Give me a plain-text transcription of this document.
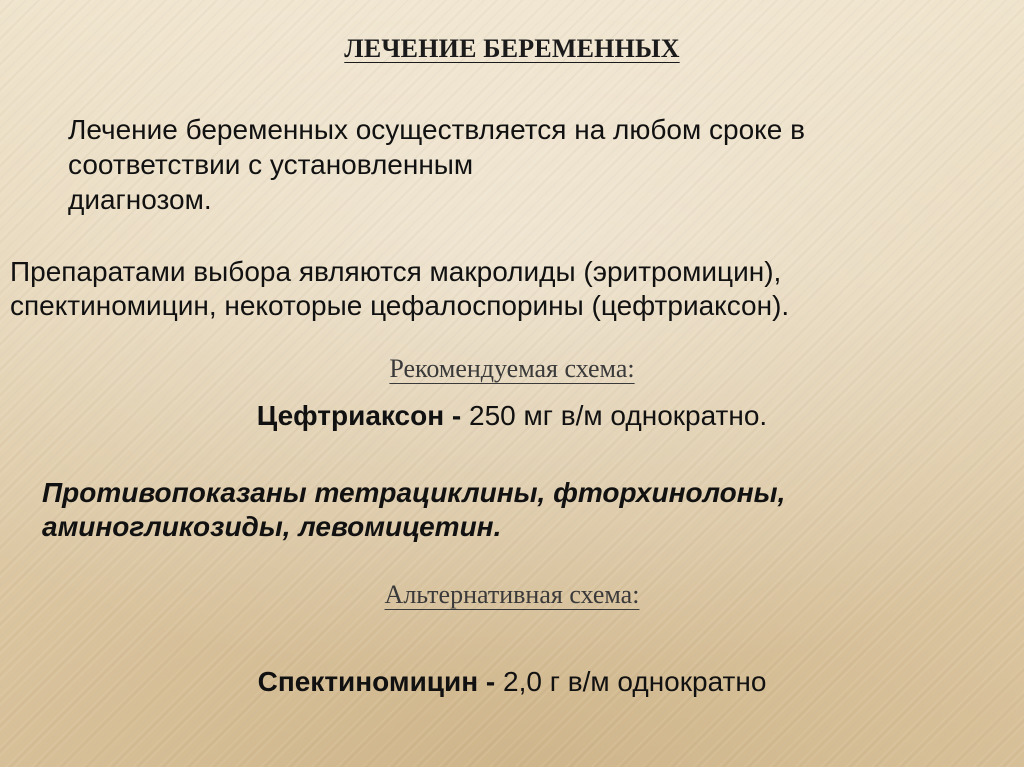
ЛЕЧЕНИЕ БЕРЕМЕННЫХ
Лечение беременных осуществляется на любом сроке в
соответствии с установленным
диагнозом.
Препаратами выбора являются макролиды (эритромицин),
спектиномицин, некоторые цефалоспорины (цефтриаксон).
Рекомендуемая схема:
Цефтриаксон - 250 мг в/м однократно.
Противопоказаны тетрациклины, фторхинолоны,
аминогликозиды, левомицетин.
Альтернативная схема:
Спектиномицин - 2,0 г в/м однократно
